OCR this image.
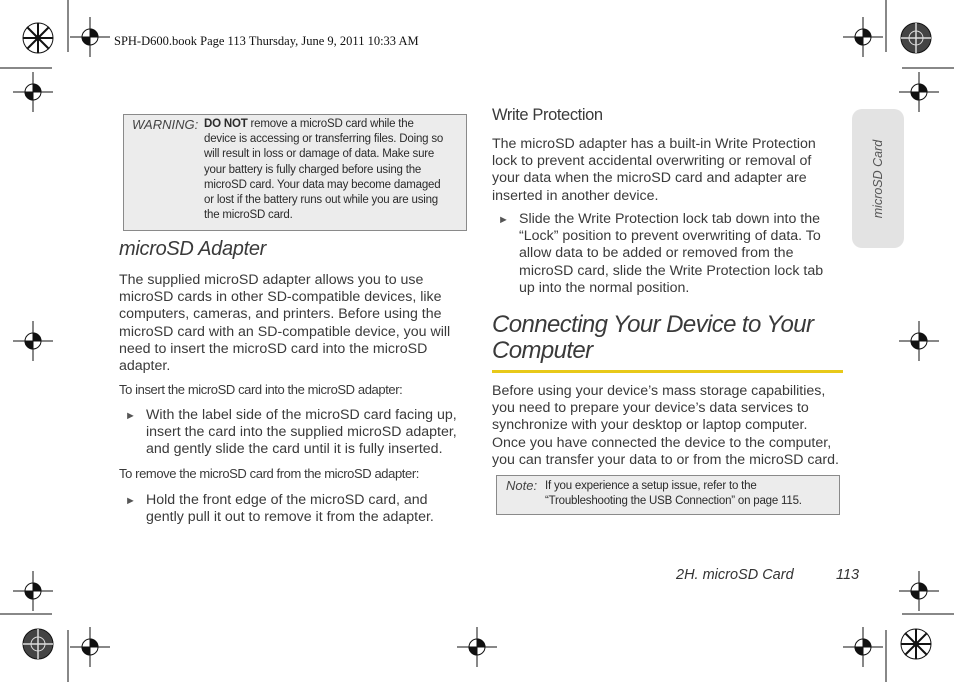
SPH-D600.book Page 113 Thursday, June 9, 2011 10:33 AM
microSD Card
WARNING: DO NOT remove a microSD card while the
device is accessing or transferring files. Doing so
will result in loss or damage of data. Make sure
your battery is fully charged before using the
microSD card. Your data may become damaged
or lost if the battery runs out while you are using
the microSD card.
microSD Adapter
The supplied microSD adapter allows you to use
microSD cards in other SD-compatible devices, like
computers, cameras, and printers. Before using the
microSD card with an SD-compatible device, you will
need to insert the microSD card into the microSD
adapter.
To insert the microSD card into the microSD adapter:
► With the label side of the microSD card facing up,
insert the card into the supplied microSD adapter,
and gently slide the card until it is fully inserted.
To remove the microSD card from the microSD adapter:
► Hold the front edge of the microSD card, and
gently pull it out to remove it from the adapter.
Write Protection
The microSD adapter has a built-in Write Protection
lock to prevent accidental overwriting or removal of
your data when the microSD card and adapter are
inserted in another device.
► Slide the Write Protection lock tab down into the
“Lock” position to prevent overwriting of data. To
allow data to be added or removed from the
microSD card, slide the Write Protection lock tab
up into the normal position.
Connecting Your Device to Your
Computer
Before using your device’s mass storage capabilities,
you need to prepare your device’s data services to
synchronize with your desktop or laptop computer.
Once you have connected the device to the computer,
you can transfer your data to or from the microSD card.
Note: If you experience a setup issue, refer to the
“Troubleshooting the USB Connection” on page 115.
2H. microSD Card	113
